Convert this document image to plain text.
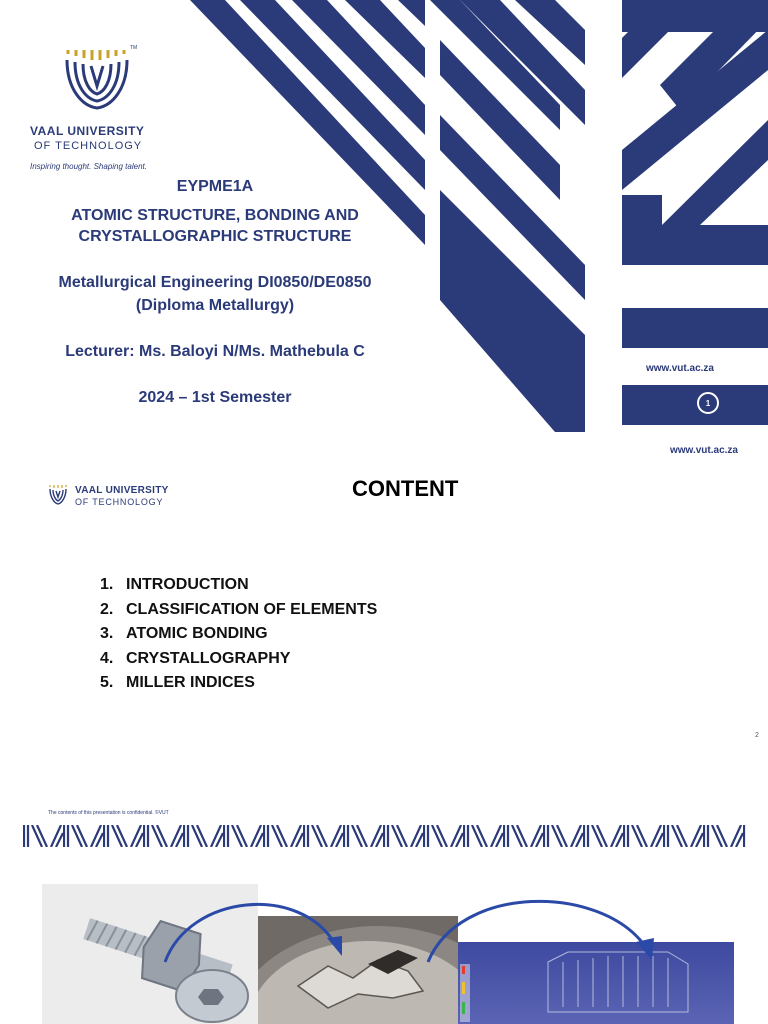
TM
VAAL UNIVERSITY
OF TECHNOLOGY
Inspiring thought. Shaping talent.
EYPME1A
ATOMIC STRUCTURE, BONDING AND
CRYSTALLOGRAPHIC STRUCTURE
Metallurgical Engineering DI0850/DE0850
(Diploma Metallurgy)
Lecturer: Ms. Baloyi N/Ms. Mathebula C
2024 – 1st Semester
www.vut.ac.za
1
www.vut.ac.za
VAAL UNIVERSITY
OF TECHNOLOGY
CONTENT
1. INTRODUCTION
2. CLASSIFICATION OF ELEMENTS
3. ATOMIC BONDING
4. CRYSTALLOGRAPHY
5. MILLER INDICES
2
The contents of this presentation is confidential. ©VUT
